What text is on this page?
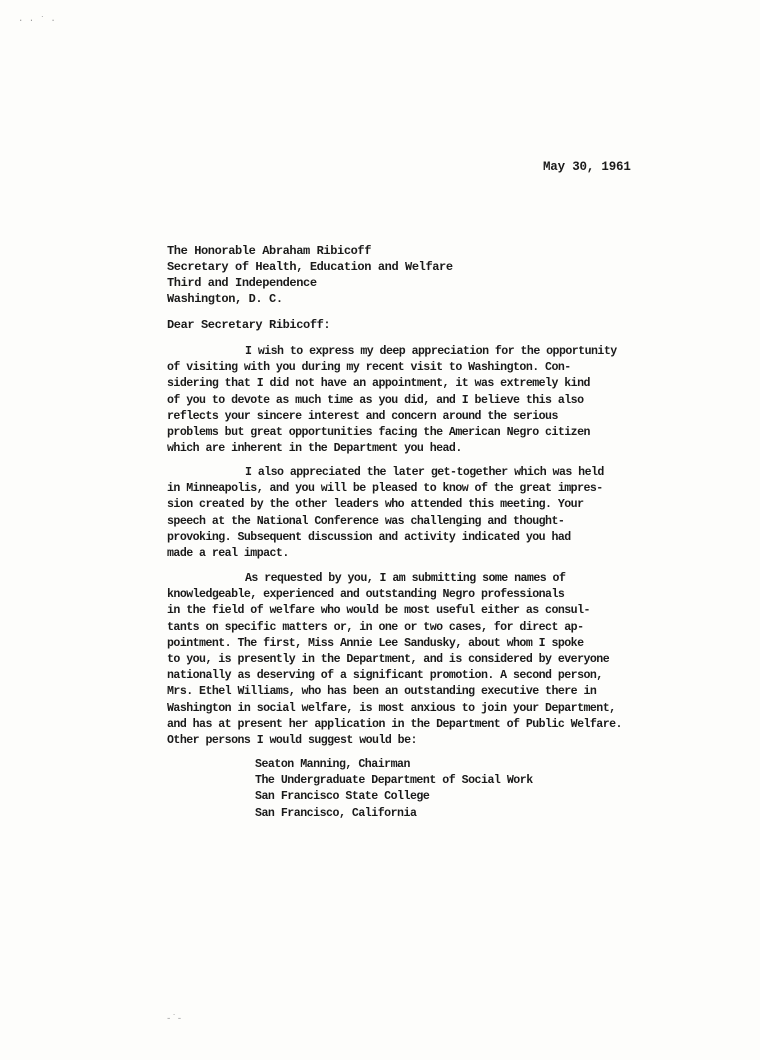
· · ˙ ·
May 30, 1961
The Honorable Abraham Ribicoff
Secretary of Health, Education and Welfare
Third and Independence
Washington, D. C.
Dear Secretary Ribicoff:
I wish to express my deep appreciation for the opportunity
of visiting with you during my recent visit to Washington. Con-
sidering that I did not have an appointment, it was extremely kind
of you to devote as much time as you did, and I believe this also
reflects your sincere interest and concern around the serious
problems but great opportunities facing the American Negro citizen
which are inherent in the Department you head.
I also appreciated the later get-together which was held
in Minneapolis, and you will be pleased to know of the great impres-
sion created by the other leaders who attended this meeting. Your
speech at the National Conference was challenging and thought-
provoking. Subsequent discussion and activity indicated you had
made a real impact.
As requested by you, I am submitting some names of
knowledgeable, experienced and outstanding Negro professionals
in the field of welfare who would be most useful either as consul-
tants on specific matters or, in one or two cases, for direct ap-
pointment. The first, Miss Annie Lee Sandusky, about whom I spoke
to you, is presently in the Department, and is considered by everyone
nationally as deserving of a significant promotion. A second person,
Mrs. Ethel Williams, who has been an outstanding executive there in
Washington in social welfare, is most anxious to join your Department,
and has at present her application in the Department of Public Welfare.
Other persons I would suggest would be:
Seaton Manning, Chairman
The Undergraduate Department of Social Work
San Francisco State College
San Francisco, California
-˙-
